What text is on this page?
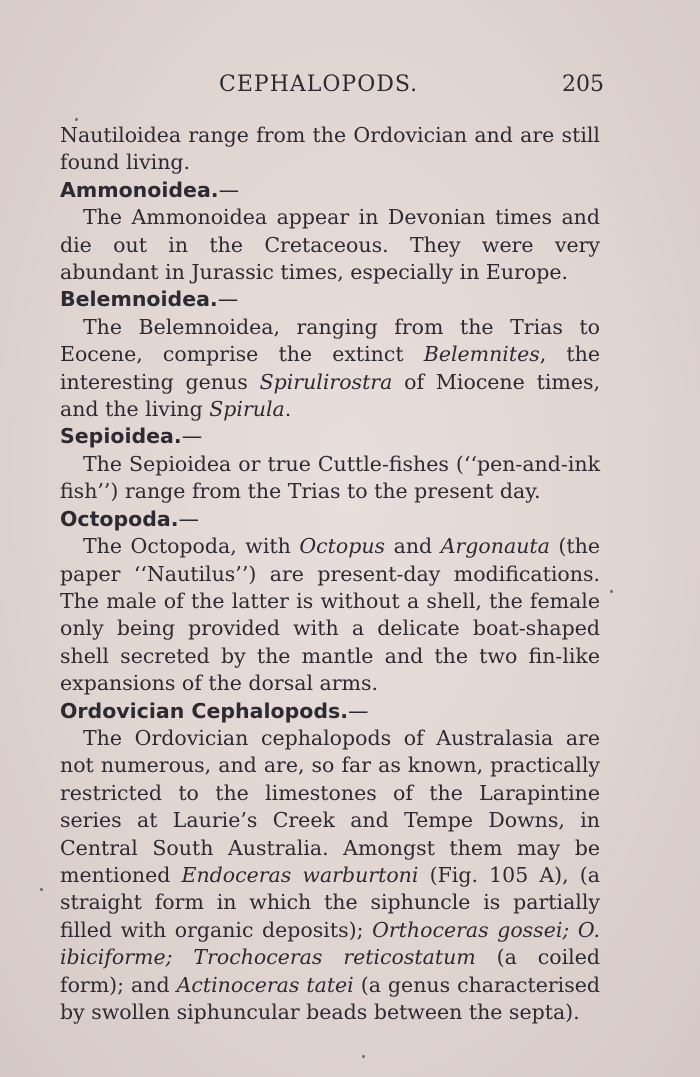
CEPHALOPODS.	205

Nautiloidea range from the Ordovician and are still found living.

Ammonoidea.—

The Ammonoidea appear in Devonian times and die out in the Cretaceous. They were very abundant in Jurassic times, especially in Europe.

Belemnoidea.—

The Belemnoidea, ranging from the Trias to Eocene, comprise the extinct Belemnites, the interesting genus Spirulirostra of Miocene times, and the living Spirula.

Sepioidea.—

The Sepioidea or true Cuttle-fishes (‘‘pen-and-ink fish’’) range from the Trias to the present day.

Octopoda.—

The Octopoda, with Octopus and Argonauta (the paper ‘‘Nautilus’’) are present-day modifications. The male of the latter is without a shell, the female only being provided with a delicate boat-shaped shell secreted by the mantle and the two fin-like expansions of the dorsal arms.

Ordovician Cephalopods.—

The Ordovician cephalopods of Australasia are not numerous, and are, so far as known, practically restricted to the limestones of the Larapintine series at Laurie’s Creek and Tempe Downs, in Central South Australia. Amongst them may be mentioned Endoceras warburtoni (Fig. 105 A), (a straight form in which the siphuncle is partially filled with organic deposits); Orthoceras gossei; O. ibiciforme; Trochoceras reticostatum (a coiled form); and Actinoceras tatei (a genus characterised by swollen siphuncular beads between the septa).
